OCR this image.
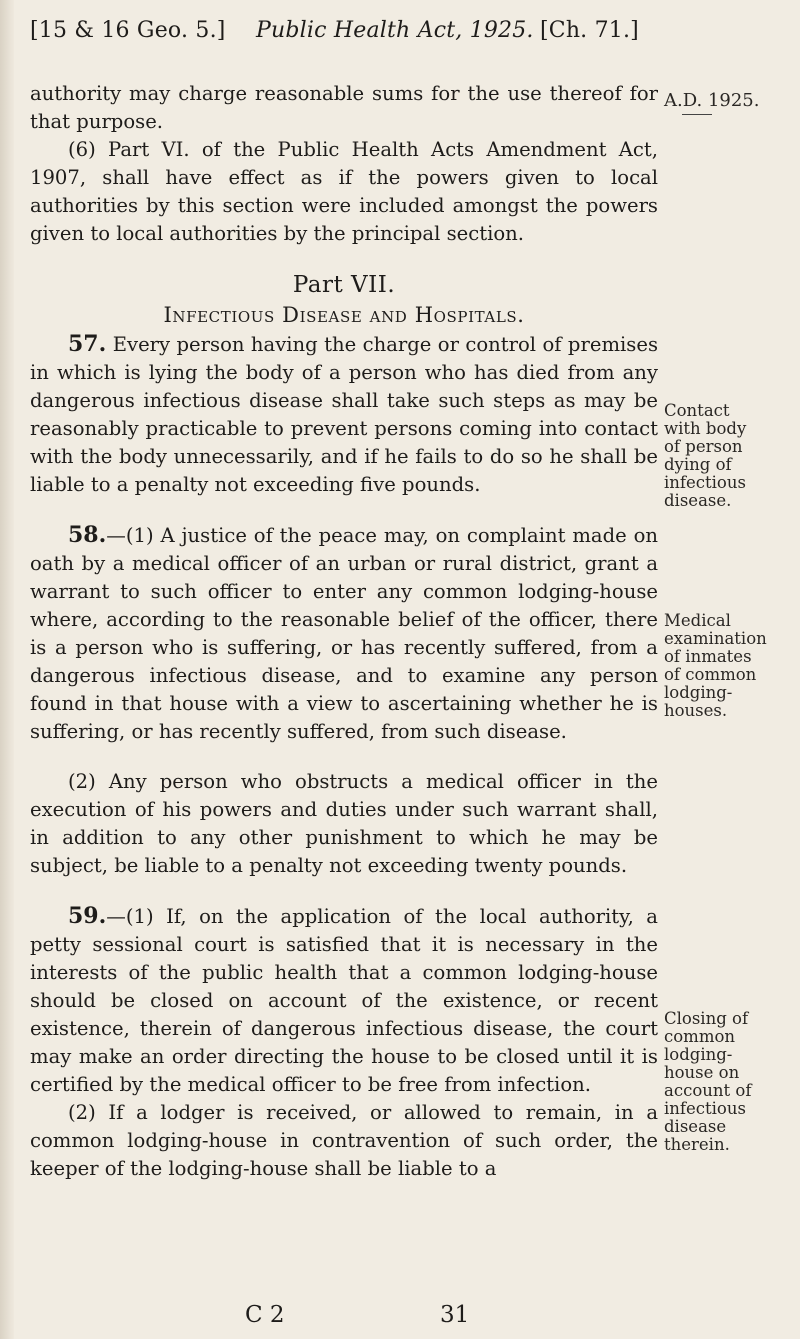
[15 & 16 Geo. 5.] Public Health Act, 1925. [Ch. 71.]

authority may charge reasonable sums for the use thereof for that purpose.

(6) Part VI. of the Public Health Acts Amendment Act, 1907, shall have effect as if the powers given to local authorities by this section were included amongst the powers given to local authorities by the principal section.

Part VII.

Infectious Disease and Hospitals.

57. Every person having the charge or control of premises in which is lying the body of a person who has died from any dangerous infectious disease shall take such steps as may be reasonably practicable to prevent persons coming into contact with the body unnecessarily, and if he fails to do so he shall be liable to a penalty not exceeding five pounds.

58.—(1) A justice of the peace may, on complaint made on oath by a medical officer of an urban or rural district, grant a warrant to such officer to enter any common lodging-house where, according to the reasonable belief of the officer, there is a person who is suffering, or has recently suffered, from a dangerous infectious disease, and to examine any person found in that house with a view to ascertaining whether he is suffering, or has recently suffered, from such disease.

(2) Any person who obstructs a medical officer in the execution of his powers and duties under such warrant shall, in addition to any other punishment to which he may be subject, be liable to a penalty not exceeding twenty pounds.

59.—(1) If, on the application of the local authority, a petty sessional court is satisfied that it is necessary in the interests of the public health that a common lodging-house should be closed on account of the existence, or recent existence, therein of dangerous infectious disease, the court may make an order directing the house to be closed until it is certified by the medical officer to be free from infection.

(2) If a lodger is received, or allowed to remain, in a common lodging-house in contravention of such order, the keeper of the lodging-house shall be liable to a

A.D. 1925.
Contact
with body
of person
dying of
infectious
disease.
Medical
examination
of inmates
of common
lodging-
houses.
Closing of
common
lodging-
house on
account of
infectious
disease
therein.
C 2	31
